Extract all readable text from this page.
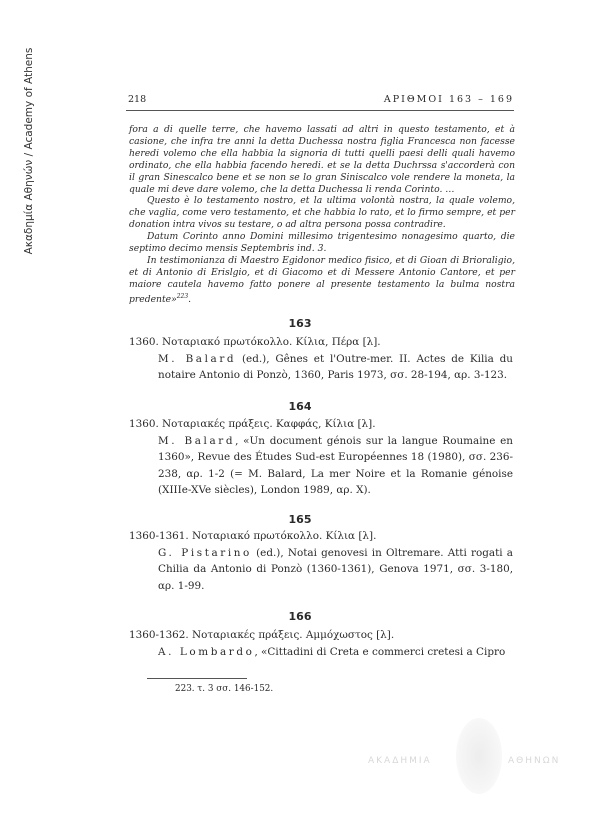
Ακαδημία Αθηνών / Academy of Athens	218	ΑΡΙΘΜΟΙ 163 – 169

fora a di quelle terre, che havemo lassati ad altri in questo testamento, et à casione, che infra tre anni la detta Duchessa nostra figlia Francesca non facesse heredi volemo che ella habbia la signoria di tutti quelli paesi delli quali havemo ordinato, che ella habbia facendo heredi. et se la detta Duchrssa s'accorderà con il gran Sinescalco bene et se non se lo gran Siniscalco vole rendere la moneta, la quale mi deve dare volemo, che la detta Duchessa li renda Corinto. …

Questo è lo testamento nostro, et la ultima volontà nostra, la quale volemo, che vaglia, come vero testamento, et che habbia lo rato, et lo firmo sempre, et per donation intra vivos su testare, o ad altra persona possa contradire.

Datum Corinto anno Domini millesimo trigentesimo nonagesimo quarto, die septimo decimo mensis Septembris ind. 3.

In testimonianza di Maestro Egidonor medico fisico, et di Gioan di Brioraligio, et di Antonio di Erislgio, et di Giacomo et di Messere Antonio Cantore, et per maiore cautela havemo fatto ponere al presente testamento la bulma nostra predente»$^{223}$.

163
1360. Νοταριακό πρωτόκολλο. Κίλια, Πέρα [λ].
M. Balard (ed.), Gênes et l'Outre-mer. II. Actes de Kilia du notaire Antonio di Ponzò, 1360, Paris 1973, σσ. 28-194, αρ. 3-123.
164
1360. Νοταριακές πράξεις. Καφφάς, Κίλια [λ].
M. Balard, «Un document génois sur la langue Roumaine en 1360», Revue des Études Sud-est Européennes 18 (1980), σσ. 236-238, αρ. 1-2 (= M. Balard, La mer Noire et la Romanie génoise (XIIIe-XVe siècles), London 1989, αρ. X).
165
1360-1361. Νοταριακό πρωτόκολλο. Κίλια [λ].
G. Pistarino (ed.), Notai genovesi in Oltremare. Atti rogati a Chilia da Antonio di Ponzò (1360-1361), Genova 1971, σσ. 3-180, αρ. 1-99.
166
1360-1362. Νοταριακές πράξεις. Αμμόχωστος [λ].
A. Lombardo, «Cittadini di Creta e commerci cretesi a Cipro
223. τ. 3 σσ. 146-152.
ΑΚΑΔΗΜΙΑ	ΑΘΗΝΩΝ
